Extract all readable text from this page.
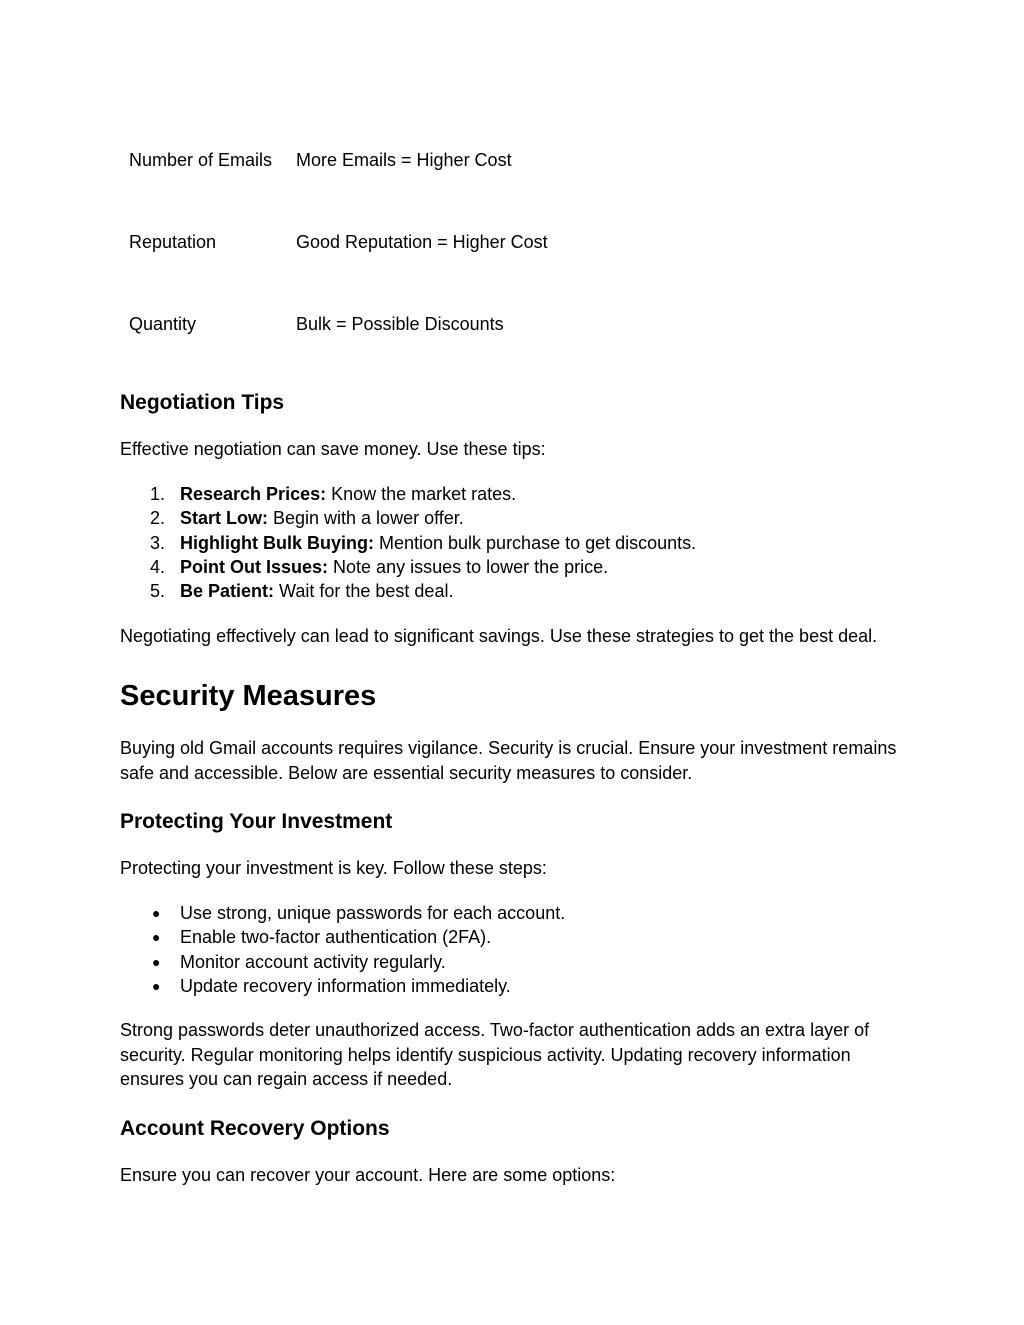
Number of Emails More Emails = Higher Cost
Reputation	Good Reputation = Higher Cost
Quantity	Bulk = Possible Discounts
Negotiation Tips
Effective negotiation can save money. Use these tips:
1. Research Prices: Know the market rates.
2. Start Low: Begin with a lower offer.
3. Highlight Bulk Buying: Mention bulk purchase to get discounts.
4. Point Out Issues: Note any issues to lower the price.
5. Be Patient: Wait for the best deal.
Negotiating effectively can lead to significant savings. Use these strategies to get the best deal.
Security Measures

Buying old Gmail accounts requires vigilance. Security is crucial. Ensure your investment remains safe and accessible. Below are essential security measures to consider.

Protecting Your Investment
Protecting your investment is key. Follow these steps:
● Use strong, unique passwords for each account.
● Enable two-factor authentication (2FA).
● Monitor account activity regularly.
● Update recovery information immediately.

Strong passwords deter unauthorized access. Two-factor authentication adds an extra layer of security. Regular monitoring helps identify suspicious activity. Updating recovery information ensures you can regain access if needed.

Account Recovery Options
Ensure you can recover your account. Here are some options:
